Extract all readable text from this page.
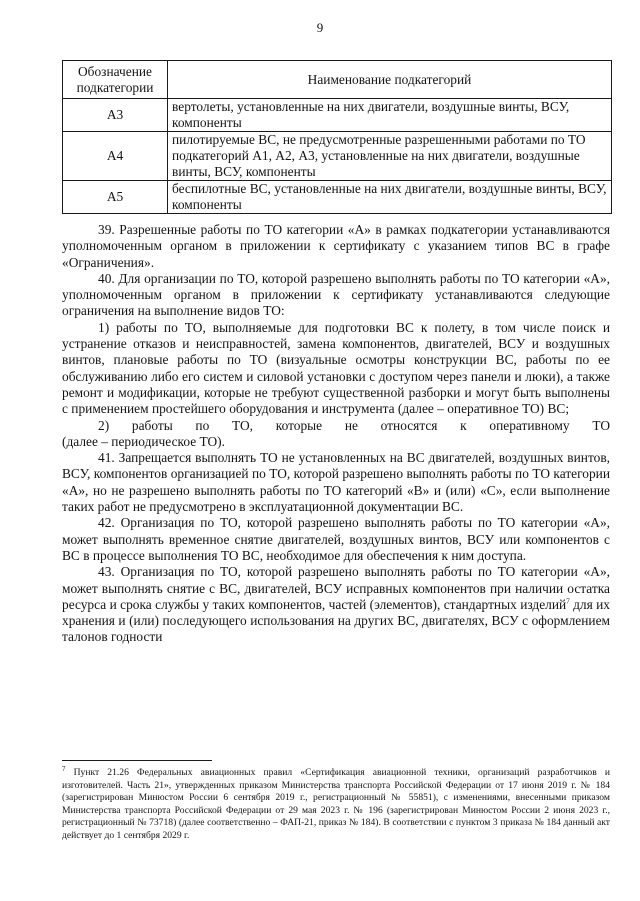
9
Обозначение подкатегории	Наименование подкатегорий
А3	вертолеты, установленные на них двигатели, воздушные винты, ВСУ, компоненты
А4	пилотируемые ВС, не предусмотренные разрешенными работами по ТО подкатегорий А1, А2, А3, установленные на них двигатели, воздушные винты, ВСУ, компоненты
А5	беспилотные ВС, установленные на них двигатели, воздушные винты, ВСУ, компоненты

39. Разрешенные работы по ТО категории «А» в рамках подкатегории устанавливаются уполномоченным органом в приложении к сертификату с указанием типов ВС в графе «Ограничения».

40. Для организации по ТО, которой разрешено выполнять работы по ТО категории «А», уполномоченным органом в приложении к сертификату устанавливаются следующие ограничения на выполнение видов ТО:

1) работы по ТО, выполняемые для подготовки ВС к полету, в том числе поиск и устранение отказов и неисправностей, замена компонентов, двигателей, ВСУ и воздушных винтов, плановые работы по ТО (визуальные осмотры конструкции ВС, работы по ее обслуживанию либо его систем и силовой установки с доступом через панели и люки), а также ремонт и модификации, которые не требуют существенной разборки и могут быть выполнены с применением простейшего оборудования и инструмента (далее – оперативное ТО) ВС;

2) работы по ТО, которые не относятся к оперативному ТО

(далее – периодическое ТО).

41. Запрещается выполнять ТО не установленных на ВС двигателей, воздушных винтов, ВСУ, компонентов организацией по ТО, которой разрешено выполнять работы по ТО категории «А», но не разрешено выполнять работы по ТО категорий «В» и (или) «С», если выполнение таких работ не предусмотрено в эксплуатационной документации ВС.

42. Организация по ТО, которой разрешено выполнять работы по ТО категории «А», может выполнять временное снятие двигателей, воздушных винтов, ВСУ или компонентов с ВС в процессе выполнения ТО ВС, необходимое для обеспечения к ним доступа.

43. Организация по ТО, которой разрешено выполнять работы по ТО категории «А», может выполнять снятие с ВС, двигателей, ВСУ исправных компонентов при наличии остатка ресурса и срока службы у таких компонентов, частей (элементов), стандартных изделий$^7$ для их хранения и (или) последующего использования на других ВС, двигателях, ВСУ с оформлением талонов годности

$^7$ Пункт 21.26 Федеральных авиационных правил «Сертификация авиационной техники, организаций разработчиков и изготовителей. Часть 21», утвержденных приказом Министерства транспорта Российской Федерации от 17 июня 2019 г. № 184 (зарегистрирован Минюстом России 6 сентября 2019 г., регистрационный № 55851), с изменениями, внесенными приказом Министерства транспорта Российской Федерации от 29 мая 2023 г. № 196 (зарегистрирован Минюстом России 2 июня 2023 г., регистрационный № 73718) (далее соответственно – ФАП-21, приказ № 184). В соответствии с пунктом 3 приказа № 184 данный акт действует до 1 сентября 2029 г.
